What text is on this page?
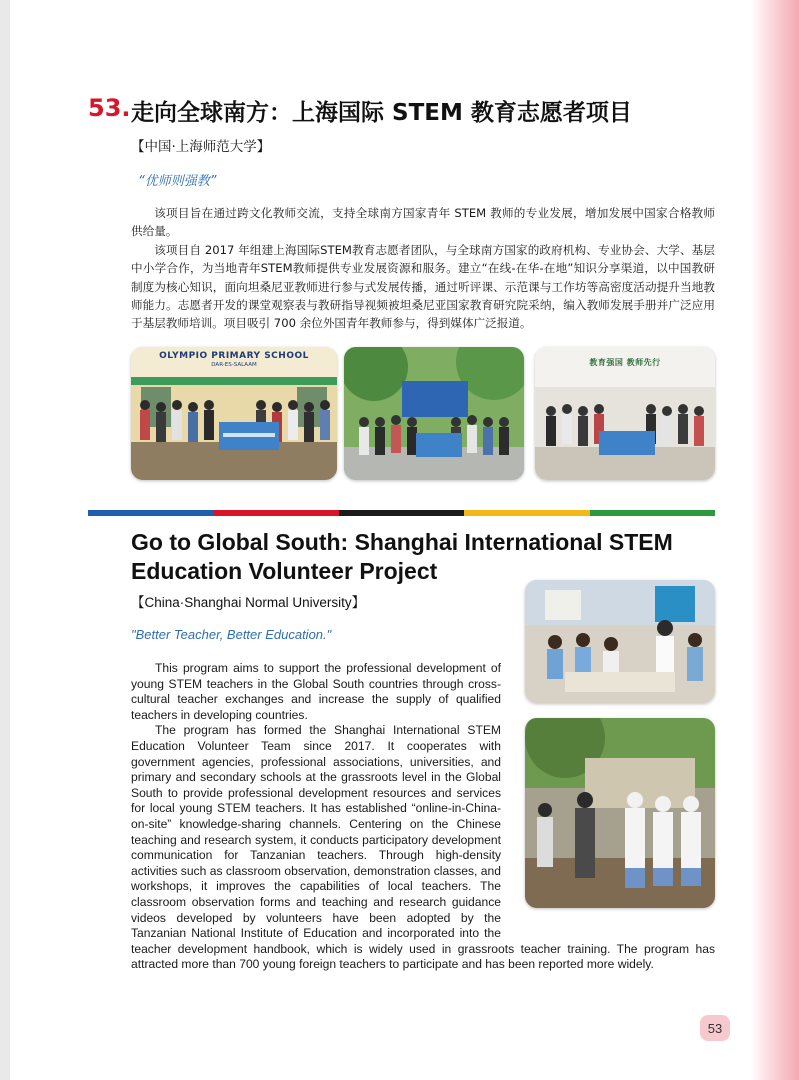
53. 走向全球南方：上海国际 STEM 教育志愿者项目
【中国·上海师范大学】
“优师则强教”

该项目旨在通过跨文化教师交流，支持全球南方国家青年 STEM 教师的专业发展，增加发展中国家合格教师供给量。

该项目自 2017 年组建上海国际STEM教育志愿者团队，与全球南方国家的政府机构、专业协会、大学、基层中小学合作，为当地青年STEM教师提供专业发展资源和服务。建立“在线-在华-在地”知识分享渠道，以中国教研制度为核心知识，面向坦桑尼亚教师进行参与式发展传播，通过听评课、示范课与工作坊等高密度活动提升当地教师能力。志愿者开发的课堂观察表与教研指导视频被坦桑尼亚国家教育研究院采纳，编入教师发展手册并广泛应用于基层教师培训。项目吸引 700 余位外国青年教师参与，得到媒体广泛报道。

OLYMPIO PRIMARY SCHOOL
DAR-ES-SALAAM	教育强国 教师先行
Go to Global South: Shanghai International STEM Education Volunteer Project
【China·Shanghai Normal University】
"Better Teacher, Better Education."

This program aims to support the professional development of young STEM teachers in the Global South countries through cross-cultural teacher exchanges and increase the supply of qualified teachers in developing countries.

The program has formed the Shanghai International STEM Education Volunteer Team since 2017. It cooperates with government agencies, professional associations, universities, and primary and secondary schools at the grassroots level in the Global South to provide professional development resources and services for local young STEM teachers. It has established “online-in-China-on-site” knowledge-sharing channels. Centering on the Chinese teaching and research system, it conducts participatory development communication for Tanzanian teachers. Through high-density activities such as classroom observation, demonstration classes, and workshops, it improves the capabilities of local teachers. The classroom observation forms and teaching and research guidance videos developed by volunteers have been adopted by the Tanzanian National Institute of Education and incorporated into the teacher development handbook, which is widely used in grassroots teacher training. The program has attracted more than 700 young foreign teachers to participate and has been reported more widely.

53
